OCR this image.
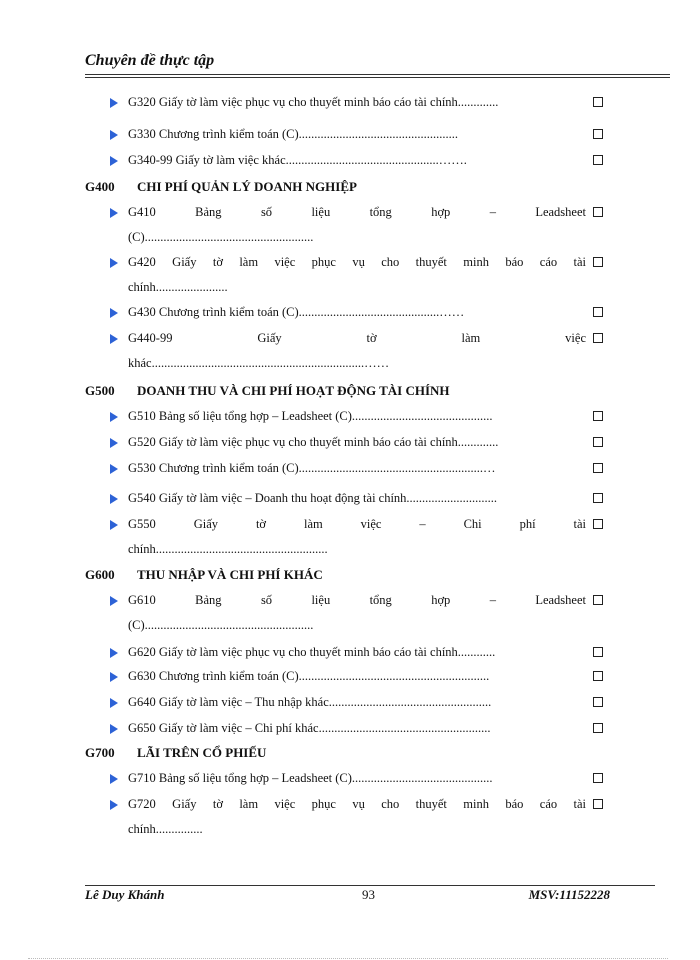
Chuyên đề thực tập
G320 Giấy tờ làm việc phục vụ cho thuyết minh báo cáo tài chính.............
G330 Chương trình kiểm toán (C)...................................................
G340-99 Giấy tờ làm việc khác.................................................…….
G400 CHI PHÍ QUẢN LÝ DOANH NGHIỆP
G410	Bảng số liệu tổng hợp – Leadsheet
(C)......................................................
G420 Giấy tờ làm việc phục vụ cho thuyết minh báo cáo tài
chính.......................
G430 Chương trình kiểm toán (C).............................................……
G440-99	Giấy tờ làm việc
khác....................................................................……
G500 DOANH THU VÀ CHI PHÍ HOẠT ĐỘNG TÀI CHÍNH
G510 Bảng số liệu tổng hợp – Leadsheet (C).............................................
G520 Giấy tờ làm việc phục vụ cho thuyết minh báo cáo tài chính.............
G530 Chương trình kiểm toán (C)...........................................................…
G540 Giấy tờ làm việc – Doanh thu hoạt động tài chính.............................
G550	Giấy tờ làm việc – Chi phí tài
chính.......................................................
G600 THU NHẬP VÀ CHI PHÍ KHÁC
G610	Bảng số liệu tổng hợp – Leadsheet
(C)......................................................
G620 Giấy tờ làm việc phục vụ cho thuyết minh báo cáo tài chính............
G630 Chương trình kiểm toán (C).............................................................
G640 Giấy tờ làm việc – Thu nhập khác....................................................
G650 Giấy tờ làm việc – Chi phí khác.......................................................
G700 LÃI TRÊN CỔ PHIẾU
G710 Bảng số liệu tổng hợp – Leadsheet (C).............................................
G720 Giấy tờ làm việc phục vụ cho thuyết minh báo cáo tài
chính...............
Lê Duy Khánh	93	MSV:11152228
